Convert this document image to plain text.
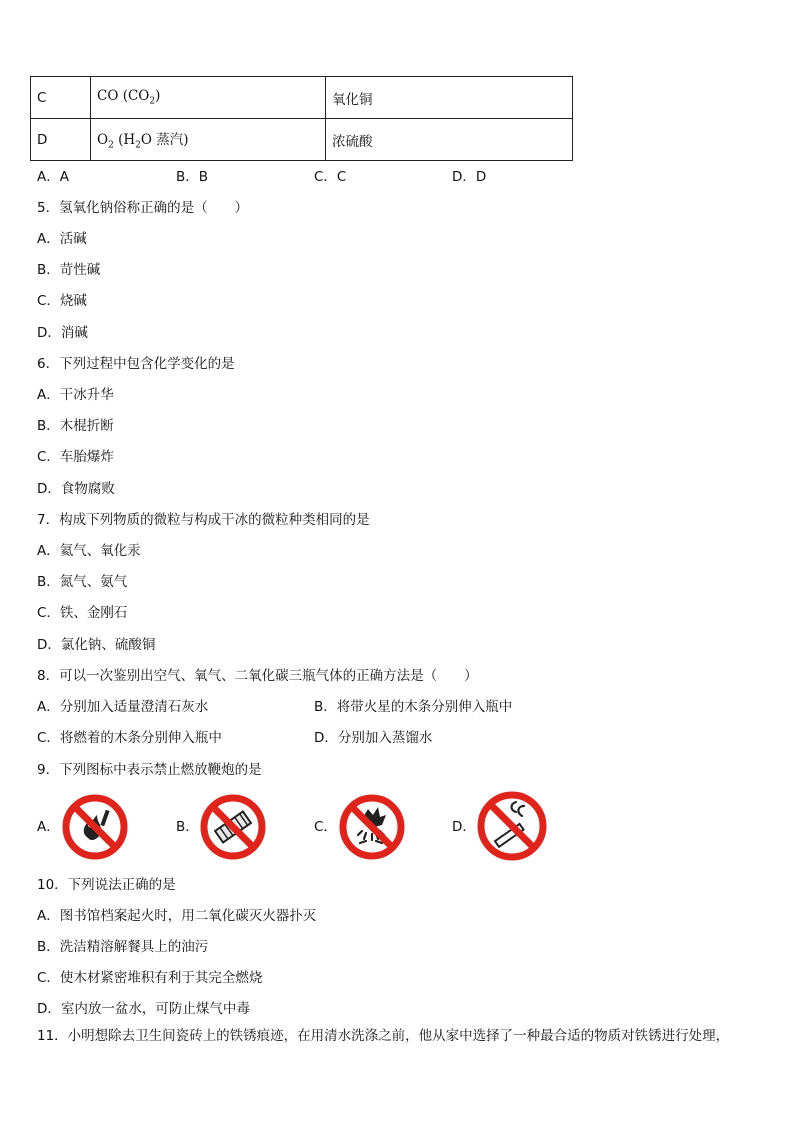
C	CO $(CO_2)$	氧化铜
D	$O_2$ ($H_2O$ 蒸汽)	浓硫酸
A．A	B．B	C．C	D．D
5．氢氧化钠俗称正确的是（　　）
A．活碱
B．苛性碱
C．烧碱
D．消碱
6．下列过程中包含化学变化的是
A．干冰升华
B．木棍折断
C．车胎爆炸
D．食物腐败
7．构成下列物质的微粒与构成干冰的微粒种类相同的是
A．氦气、氧化汞
B．氮气、氨气
C．铁、金刚石
D．氯化钠、硫酸铜
8．可以一次鉴别出空气、氧气、二氧化碳三瓶气体的正确方法是（　　）
A．分别加入适量澄清石灰水	B．将带火星的木条分别伸入瓶中
C．将燃着的木条分别伸入瓶中	D．分别加入蒸馏水
9．下列图标中表示禁止燃放鞭炮的是
A．	B．	C．	D．
10．下列说法正确的是
A．图书馆档案起火时，用二氧化碳灭火器扑灭
B．洗洁精溶解餐具上的油污
C．使木材紧密堆积有利于其完全燃烧
D．室内放一盆水，可防止煤气中毒
11．小明想除去卫生间瓷砖上的铁锈痕迹，在用清水洗涤之前，他从家中选择了一种最合适的物质对铁锈进行处理，
